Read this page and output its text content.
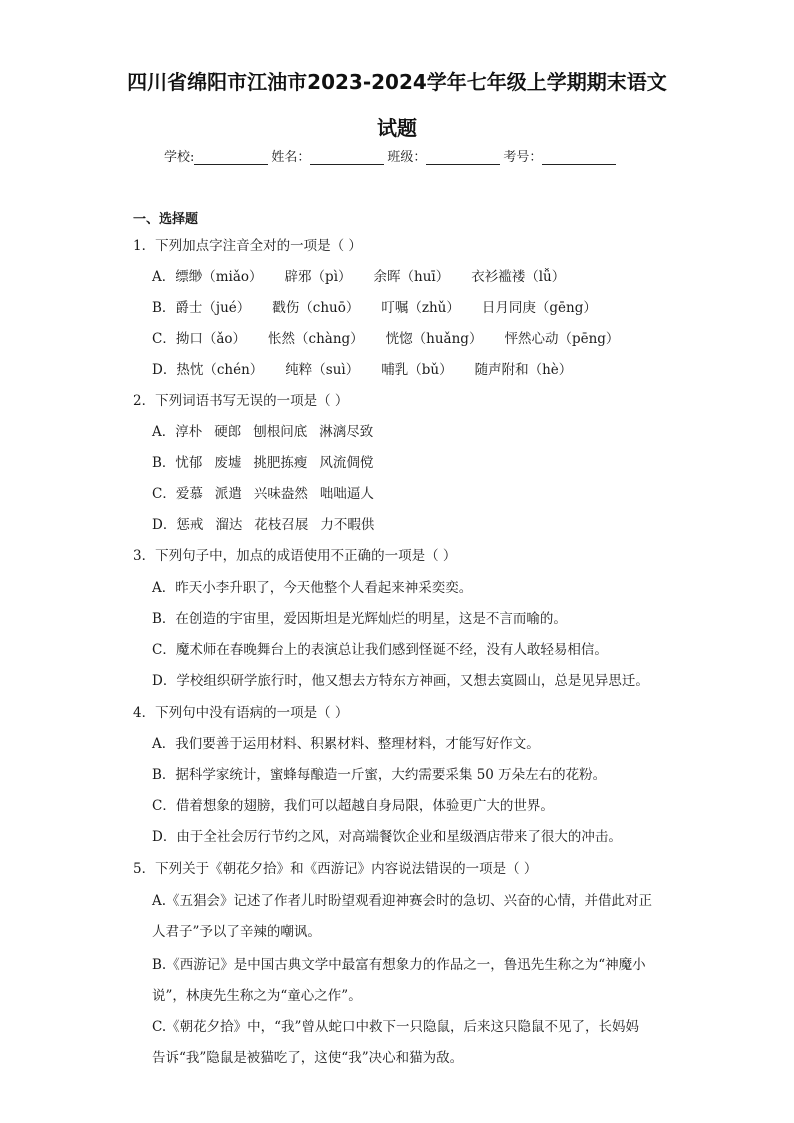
四川省绵阳市江油市2023-2024学年七年级上学期期末语文
试题
学校:	姓名：	班级：	考号：
一、选择题
1．下列加点字注音全对的一项是（ ）
A．缥缈（miǎo） 辟邪（pì） 余晖（huī） 衣衫褴褛（lǚ）
B．爵士（jué） 戳伤（chuō） 叮嘱（zhǔ） 日月同庚（gēng）
C．拗口（ǎo） 怅然（chàng） 恍惚（huǎng） 怦然心动（pēng）
D．热忱（chén） 纯粹（suì） 哺乳（bǔ） 随声附和（hè）
2．下列词语书写无误的一项是（ ）
A．淳朴 硬郎 刨根问底 淋漓尽致
B．忧郁 废墟 挑肥拣瘦 风流倜傥
C．爱慕 派遣 兴味盎然 咄咄逼人
D．惩戒 溜达 花枝召展 力不暇供
3．下列句子中，加点的成语使用不正确的一项是（ ）
A．昨天小李升职了，今天他整个人看起来神采奕奕。
B．在创造的宇宙里，爱因斯坦是光辉灿烂的明星，这是不言而喻的。
C．魔术师在春晚舞台上的表演总让我们感到怪诞不经，没有人敢轻易相信。
D．学校组织研学旅行时，他又想去方特东方神画，又想去寞圆山，总是见异思迁。
4．下列句中没有语病的一项是（ ）
A．我们要善于运用材料、积累材料、整理材料，才能写好作文。
B．据科学家统计，蜜蜂每酿造一斤蜜，大约需要采集 50 万朵左右的花粉。
C．借着想象的翅膀，我们可以超越自身局限，体验更广大的世界。
D．由于全社会厉行节约之风，对高端餐饮企业和星级酒店带来了很大的冲击。
5．下列关于《朝花夕拾》和《西游记》内容说法错误的一项是（ ）
A.《五猖会》记述了作者儿时盼望观看迎神赛会时的急切、兴奋的心情，并借此对正
人君子”予以了辛辣的嘲讽。
B.《西游记》是中国古典文学中最富有想象力的作品之一，鲁迅先生称之为“神魔小
说”，林庚先生称之为“童心之作”。
C.《朝花夕拾》中，“我”曾从蛇口中救下一只隐鼠，后来这只隐鼠不见了，长妈妈
告诉“我”隐鼠是被猫吃了，这使“我”决心和猫为敌。
